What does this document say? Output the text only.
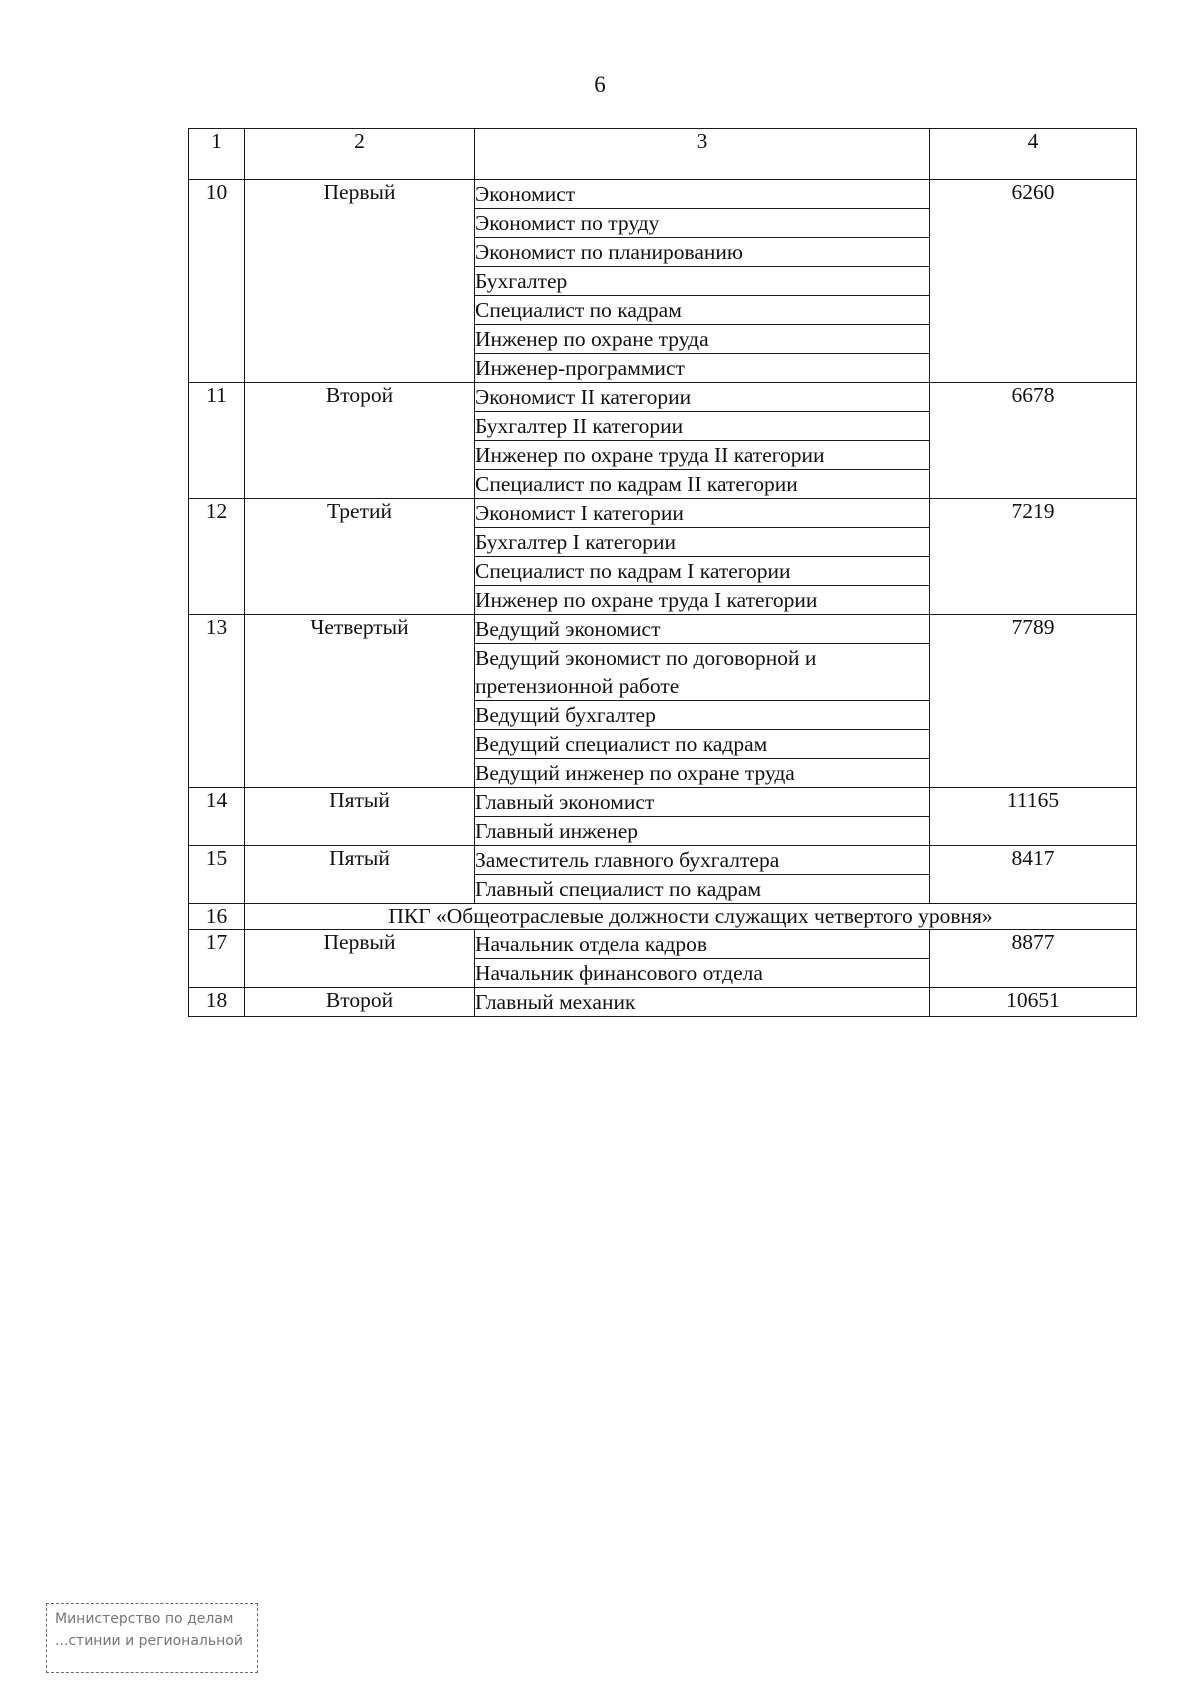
6
1	2	3	4
10	Первый	Экономист	6260
		Экономист по труду	
		Экономист по планированию	
		Бухгалтер	
		Специалист по кадрам	
		Инженер по охране труда	
		Инженер-программист	
11	Второй	Экономист II категории	6678
		Бухгалтер II категории	
		Инженер по охране труда II категории	
		Специалист по кадрам II категории	
12	Третий	Экономист I категории	7219
		Бухгалтер I категории	
		Специалист по кадрам I категории	
		Инженер по охране труда I категории	
13	Четвертый	Ведущий экономист	7789
		Ведущий экономист по договорной и претензионной работе	
		Ведущий бухгалтер	
		Ведущий специалист по кадрам	
		Ведущий инженер по охране труда	
14	Пятый	Главный экономист	11165
		Главный инженер	
15	Пятый	Заместитель главного бухгалтера	8417
		Главный специалист по кадрам	
16	ПКГ «Общеотраслевые должности служащих четвертого уровня»		
17	Первый	Начальник отдела кадров	8877
		Начальник финансового отдела	
18	Второй	Главный механик	10651
Министерство по делам
...стинии и региональной
